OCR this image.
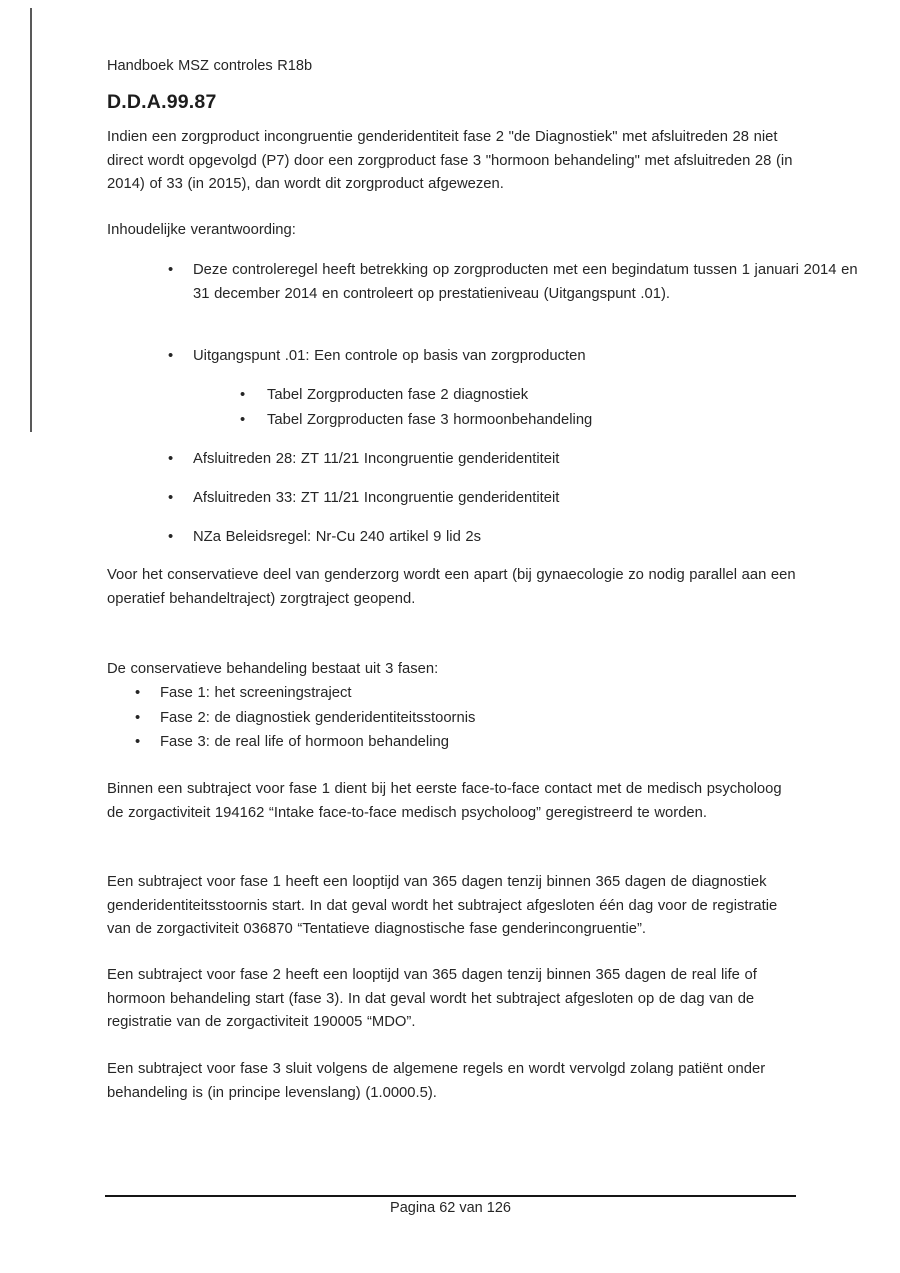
Handboek MSZ controles R18b
D.D.A.99.87
Indien een zorgproduct incongruentie genderidentiteit fase 2 "de Diagnostiek" met afsluitreden 28 niet direct wordt opgevolgd (P7) door een zorgproduct fase 3 "hormoon behandeling" met afsluitreden 28 (in 2014) of 33 (in 2015), dan wordt dit zorgproduct afgewezen.
Inhoudelijke verantwoording:
•	Deze controleregel heeft betrekking op zorgproducten met een begindatum tussen 1 januari 2014 en 31 december 2014 en controleert op prestatieniveau (Uitgangspunt .01).
•	Uitgangspunt .01: Een controle op basis van zorgproducten
•	Tabel Zorgproducten fase 2 diagnostiek
•	Tabel Zorgproducten fase 3 hormoonbehandeling
•	Afsluitreden 28: ZT 11/21 Incongruentie genderidentiteit
•	Afsluitreden 33: ZT 11/21 Incongruentie genderidentiteit
•	NZa Beleidsregel: Nr-Cu 240 artikel 9 lid 2s
Voor het conservatieve deel van genderzorg wordt een apart (bij gynaecologie zo nodig parallel aan een operatief behandeltraject) zorgtraject geopend.
De conservatieve behandeling bestaat uit 3 fasen:
•	Fase 1: het screeningstraject
•	Fase 2: de diagnostiek genderidentiteitsstoornis
•	Fase 3: de real life of hormoon behandeling
Binnen een subtraject voor fase 1 dient bij het eerste face-to-face contact met de medisch psycholoog de zorgactiviteit 194162 “Intake face-to-face medisch psycholoog” geregistreerd te worden.
Een subtraject voor fase 1 heeft een looptijd van 365 dagen tenzij binnen 365 dagen de diagnostiek genderidentiteitsstoornis start. In dat geval wordt het subtraject afgesloten één dag voor de registratie van de zorgactiviteit 036870 “Tentatieve diagnostische fase genderincongruentie”.
Een subtraject voor fase 2 heeft een looptijd van 365 dagen tenzij binnen 365 dagen de real life of hormoon behandeling start (fase 3). In dat geval wordt het subtraject afgesloten op de dag van de registratie van de zorgactiviteit 190005 “MDO”.
Een subtraject voor fase 3 sluit volgens de algemene regels en wordt vervolgd zolang patiënt onder behandeling is (in principe levenslang) (1.0000.5).
Pagina 62 van 126
